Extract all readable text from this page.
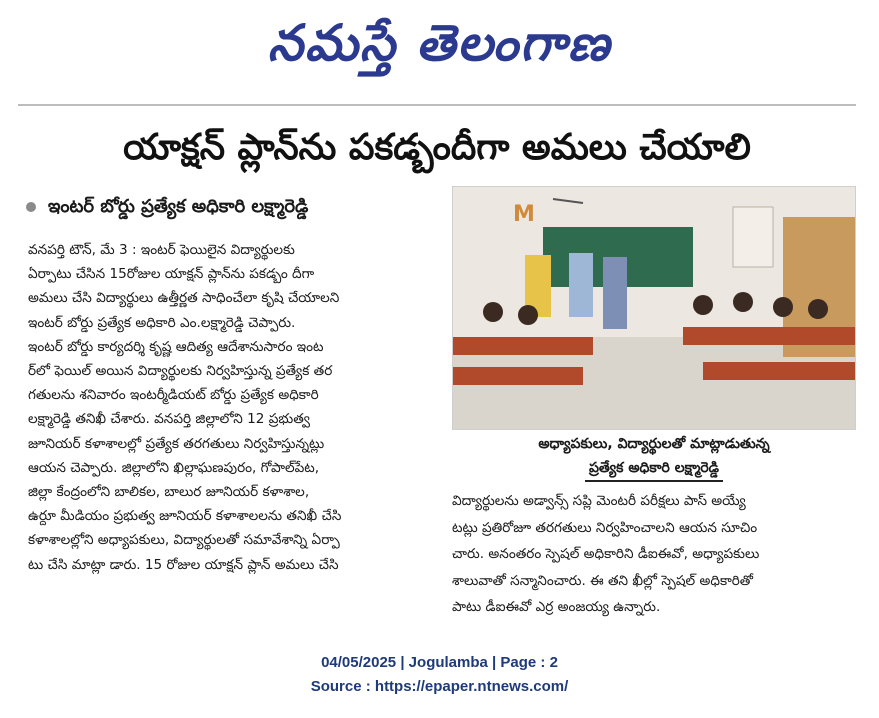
నమస్తే తెలంగాణ
యాక్షన్ ప్లాన్‌ను పకడ్బందీగా అమలు చేయాలి
ఇంటర్ బోర్డు ప్రత్యేక అధికారి లక్ష్మారెడ్డి

వనపర్తి టౌన్, మే 3 : ఇంటర్ ఫెయిలైన విద్యార్థులకు

ఏర్పాటు చేసిన 15రోజుల యాక్షన్ ప్లాన్‌ను పకడ్బం దీగా

అమలు చేసి విద్యార్థులు ఉత్తీర్ణత సాధించేలా కృషి చేయాలని

ఇంటర్ బోర్డు ప్రత్యేక అధికారి ఎం.లక్ష్మారెడ్డి చెప్పారు.

ఇంటర్ బోర్డు కార్యదర్శి కృష్ణ ఆదిత్య ఆదేశానుసారం ఇంట

ర్‌లో ఫెయిల్ అయిన విద్యార్థులకు నిర్వహిస్తున్న ప్రత్యేక తర

గతులను శనివారం ఇంటర్మీడియట్ బోర్డు ప్రత్యేక అధికారి

లక్ష్మారెడ్డి తనిఖీ చేశారు. వనపర్తి జిల్లాలోని 12 ప్రభుత్వ

జూనియర్ కళాశాలల్లో ప్రత్యేక తరగతులు నిర్వహిస్తున్నట్లు

ఆయన చెప్పారు. జిల్లాలోని ఖిల్లాఘణపురం, గోపాల్‌పేట,

జిల్లా కేంద్రంలోని బాలికల, బాలుర జూనియర్ కళాశాల,

ఉర్దూ మీడియం ప్రభుత్వ జూనియర్ కళాశాలలను తనిఖీ చేసి

కళాశాలల్లోని అధ్యాపకులు, విద్యార్థులతో సమావేశాన్ని ఏర్పా

టు చేసి మాట్లా డారు. 15 రోజుల యాక్షన్ ప్లాన్ అమలు చేసి

M
అధ్యాపకులు, విద్యార్థులతో మాట్లాడుతున్న
ప్రత్యేక అధికారి లక్ష్మారెడ్డి

విద్యార్థులను అడ్వాన్స్ సప్లి మెంటరీ పరీక్షలు పాస్ అయ్యే

టట్లు ప్రతిరోజూ తరగతులు నిర్వహించాలని ఆయన సూచిం

చారు. అనంతరం స్పెషల్ అధికారిని డీఐఈవో, అధ్యాపకులు

శాలువాతో సన్మానించారు. ఈ తని ఖీల్లో స్పెషల్ అధికారితో

పాటు డీఐఈవో ఎర్ర అంజయ్య ఉన్నారు.

04/05/2025 | Jogulamba | Page : 2
Source : https://epaper.ntnews.com/
